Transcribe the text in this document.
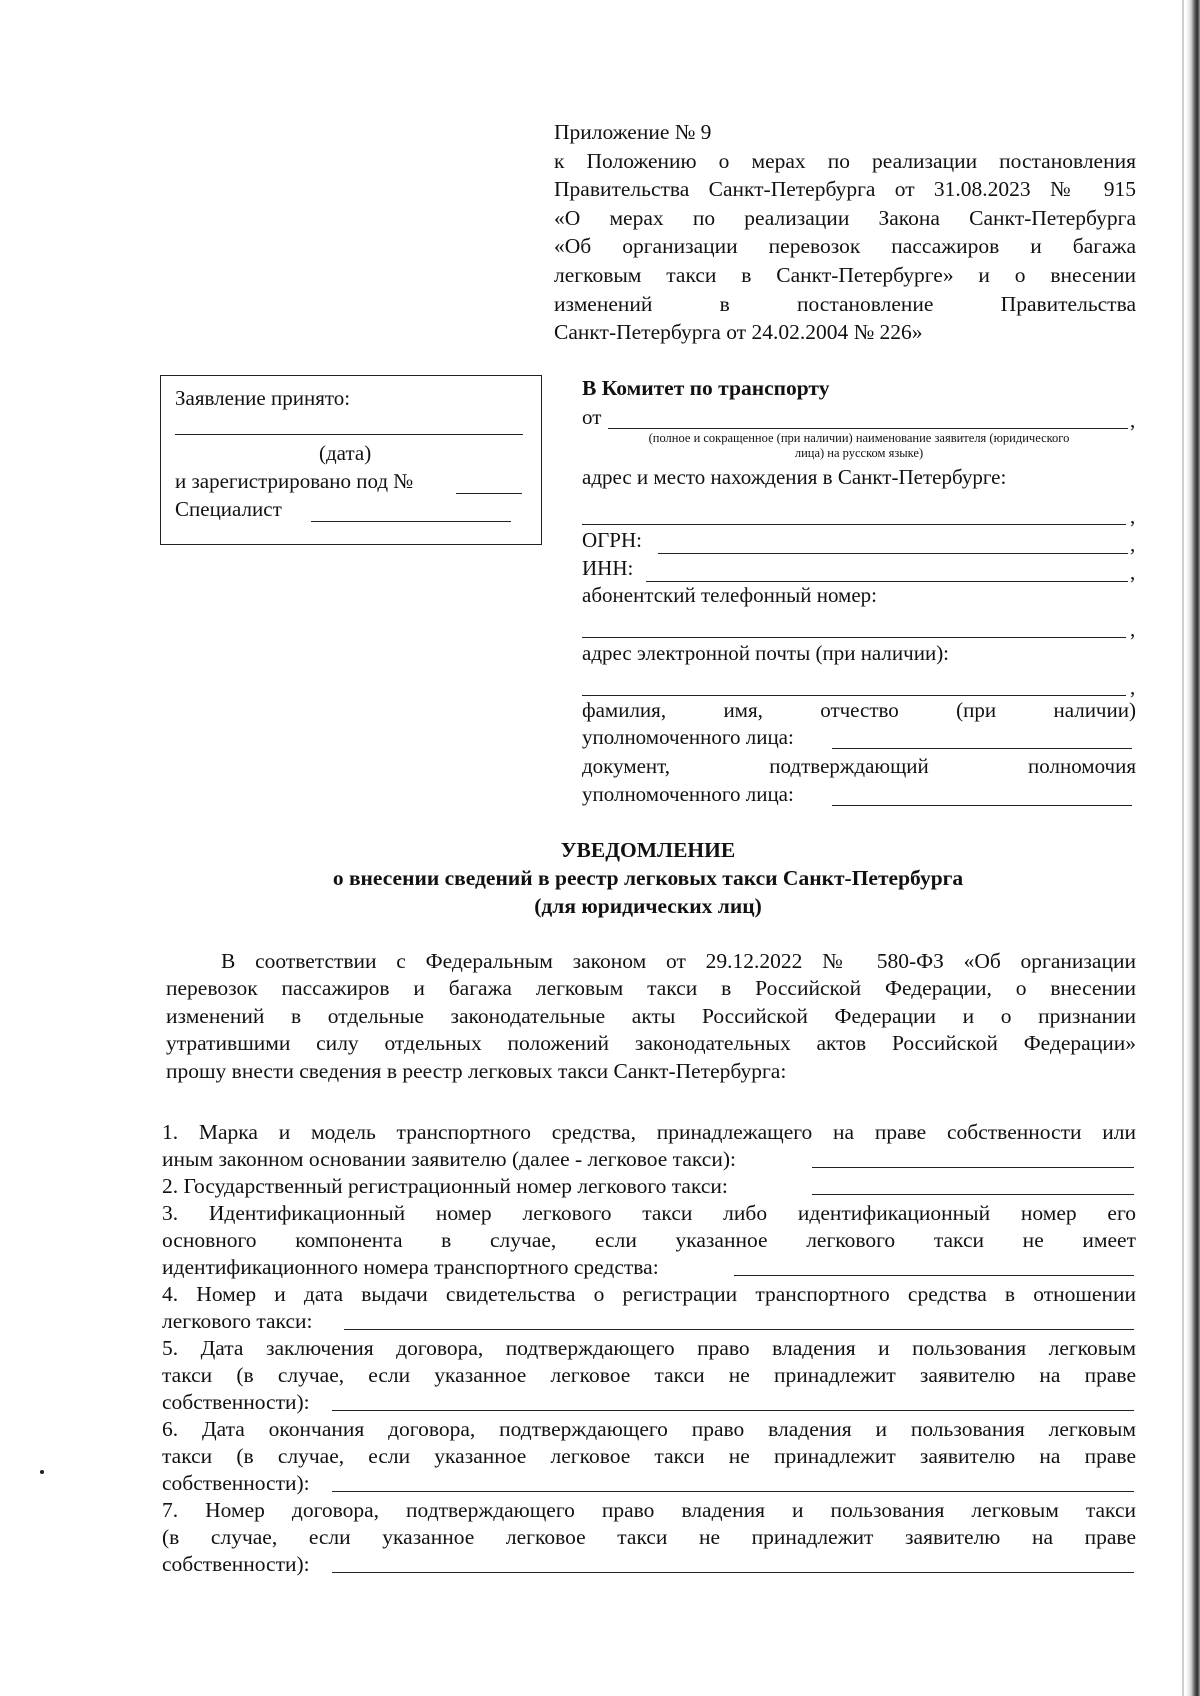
Приложение № 9
к Положению о мерах по реализации постановления
Правительства Санкт-Петербурга от 31.08.2023 № 915
«О мерах по реализации Закона Санкт-Петербурга
«Об организации перевозок пассажиров и багажа
легковым такси в Санкт-Петербурге» и о внесении
изменений в постановление Правительства
Санкт-Петербурга от 24.02.2004 № 226»
Заявление принято:
(дата)
и зарегистрировано под №
Специалист
В Комитет по транспорту
от	,
(полное и сокращенное (при наличии) наименование заявителя (юридического
лица) на русском языке)
адрес и место нахождения в Санкт-Петербурге:
,
ОГРН:	,
ИНН:	,
абонентский телефонный номер:
,
адрес электронной почты (при наличии):
,
фамилия,	имя,	отчество	(при	наличии)
уполномоченного лица:
документ,	подтверждающий	полномочия
уполномоченного лица:
УВЕДОМЛЕНИЕ
о внесении сведений в реестр легковых такси Санкт-Петербурга
(для юридических лиц)

В соответствии с Федеральным законом от 29.12.2022 № 580-ФЗ «Об организации

перевозок пассажиров и багажа легковым такси в Российской Федерации, о внесении

изменений в отдельные законодательные акты Российской Федерации и о признании

утратившими силу отдельных положений законодательных актов Российской Федерации»

прошу внести сведения в реестр легковых такси Санкт-Петербурга:

1. Марка и модель транспортного средства, принадлежащего на праве собственности или
иным законном основании заявителю (далее - легковое такси):
2. Государственный регистрационный номер легкового такси:
3. Идентификационный номер легкового такси либо идентификационный номер его
основного компонента в случае, если указанное легкового такси не имеет
идентификационного номера транспортного средства:
4. Номер и дата выдачи свидетельства о регистрации транспортного средства в отношении
легкового такси:
5. Дата заключения договора, подтверждающего право владения и пользования легковым
такси (в случае, если указанное легковое такси не принадлежит заявителю на праве
собственности):
6. Дата окончания договора, подтверждающего право владения и пользования легковым
такси (в случае, если указанное легковое такси не принадлежит заявителю на праве
собственности):
7. Номер договора, подтверждающего право владения и пользования легковым такси
(в случае, если указанное легковое такси не принадлежит заявителю на праве
собственности):
